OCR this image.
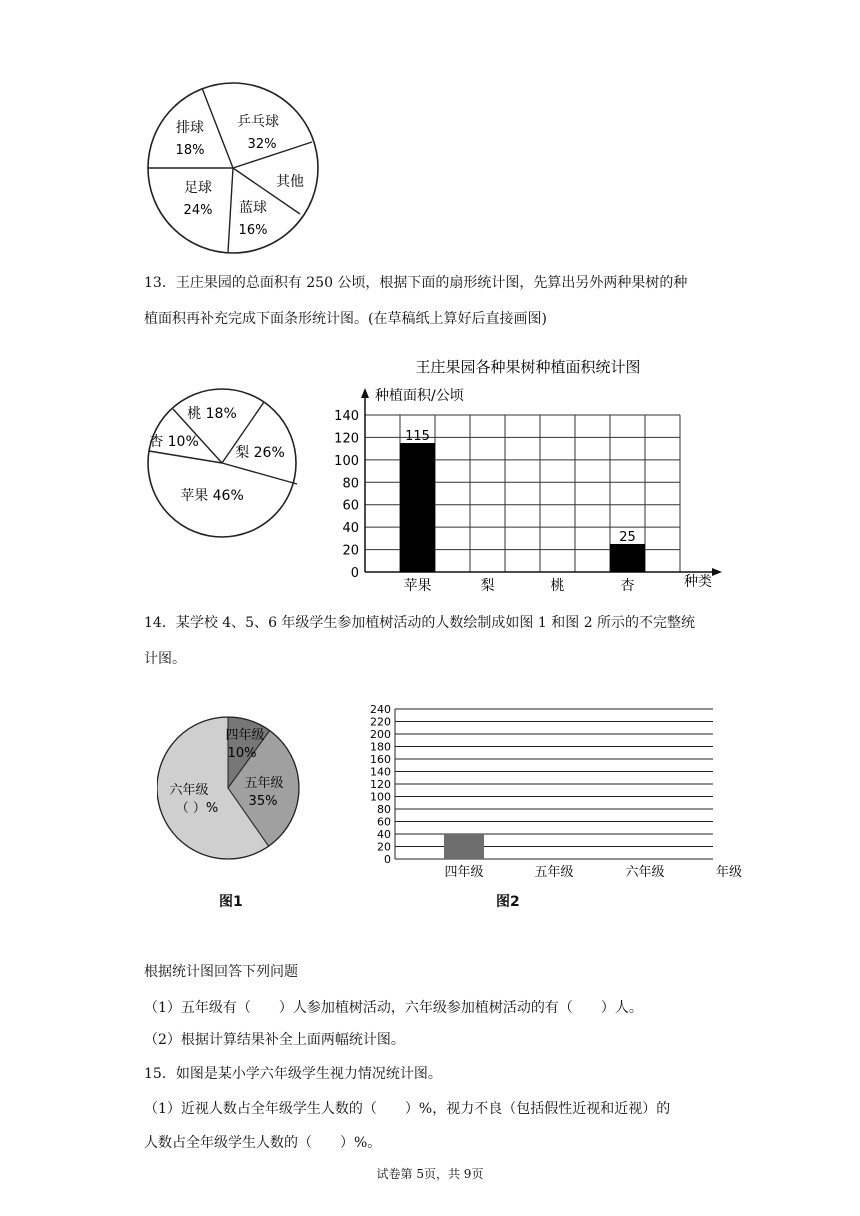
乒乓球
32%
其他
蓝球
16%
足球
24%
排球
18%
13．王庄果园的总面积有 250 公顷，根据下面的扇形统计图，先算出另外两种果树的种
植面积再补充完成下面条形统计图。(在草稿纸上算好后直接画图)
桃 18%
梨 26%
苹果 46%
杏 10%
王庄果园各种果树种植面积统计图
种植面积/公顷
种类
0
20
40
60
80
100
120
140
苹果
115
梨	桃	杏
25
14．某学校 4、5、6 年级学生参加植树活动的人数绘制成如图 1 和图 2 所示的不完整统
计图。
四年级
10%
五年级
35%
六年级
（ ）%
图1
年级
0
20
40
60
80
100
120
140
160
180
200
220
240
四年级	五年级	六年级
图2
根据统计图回答下列问题
（1）五年级有（　　）人参加植树活动，六年级参加植树活动的有（　　）人。
（2）根据计算结果补全上面两幅统计图。
15．如图是某小学六年级学生视力情况统计图。
（1）近视人数占全年级学生人数的（　　）%，视力不良（包括假性近视和近视）的
人数占全年级学生人数的（　　）%。
试卷第 5页，共 9页
